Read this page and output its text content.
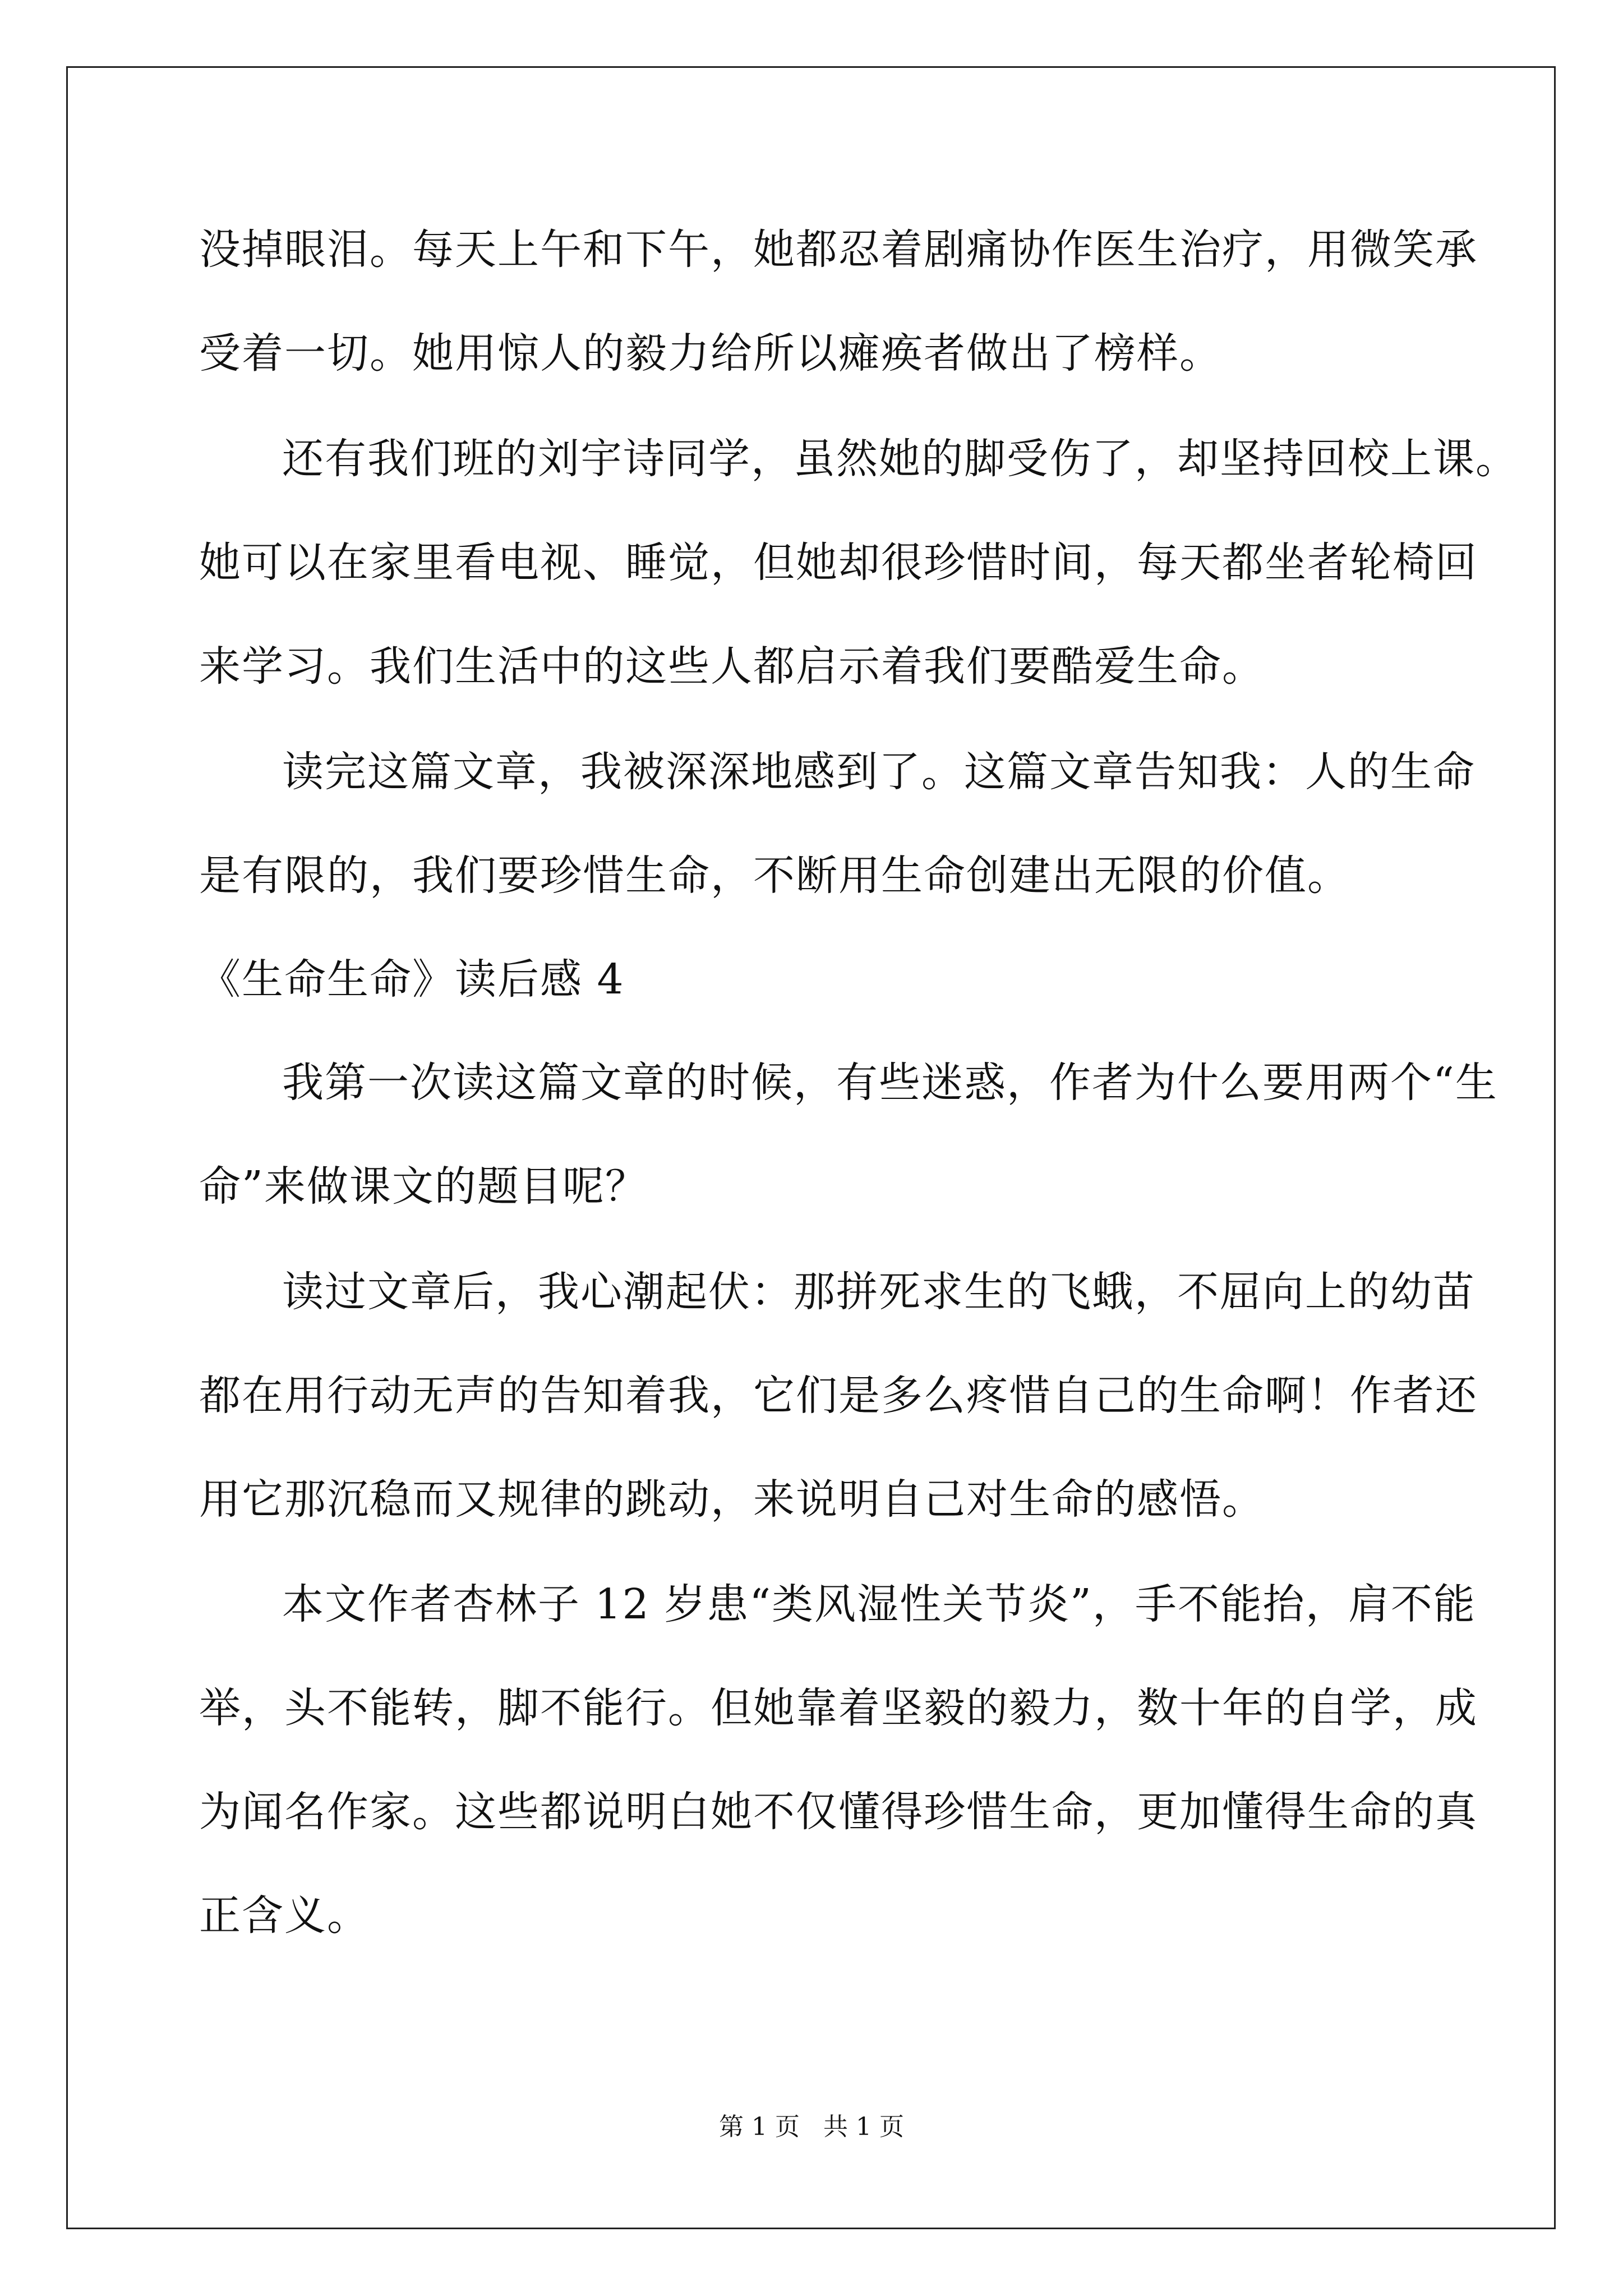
没掉眼泪。每天上午和下午，她都忍着剧痛协作医生治疗，用微笑承
受着一切。她用惊人的毅力给所以瘫痪者做出了榜样。
还有我们班的刘宇诗同学，虽然她的脚受伤了，却坚持回校上课。
她可以在家里看电视、睡觉，但她却很珍惜时间，每天都坐者轮椅回
来学习。我们生活中的这些人都启示着我们要酷爱生命。
读完这篇文章，我被深深地感到了。这篇文章告知我：人的生命
是有限的，我们要珍惜生命，不断用生命创建出无限的价值。
《生命生命》读后感 4
我第一次读这篇文章的时候，有些迷惑，作者为什么要用两个“生
命”来做课文的题目呢？
读过文章后，我心潮起伏：那拼死求生的飞蛾，不屈向上的幼苗
都在用行动无声的告知着我，它们是多么疼惜自己的生命啊！作者还
用它那沉稳而又规律的跳动，来说明自己对生命的感悟。
本文作者杏林子 12 岁患“类风湿性关节炎”，手不能抬，肩不能
举，头不能转，脚不能行。但她靠着坚毅的毅力，数十年的自学，成
为闻名作家。这些都说明白她不仅懂得珍惜生命，更加懂得生命的真
正含义。
第 1 页   共 1 页
